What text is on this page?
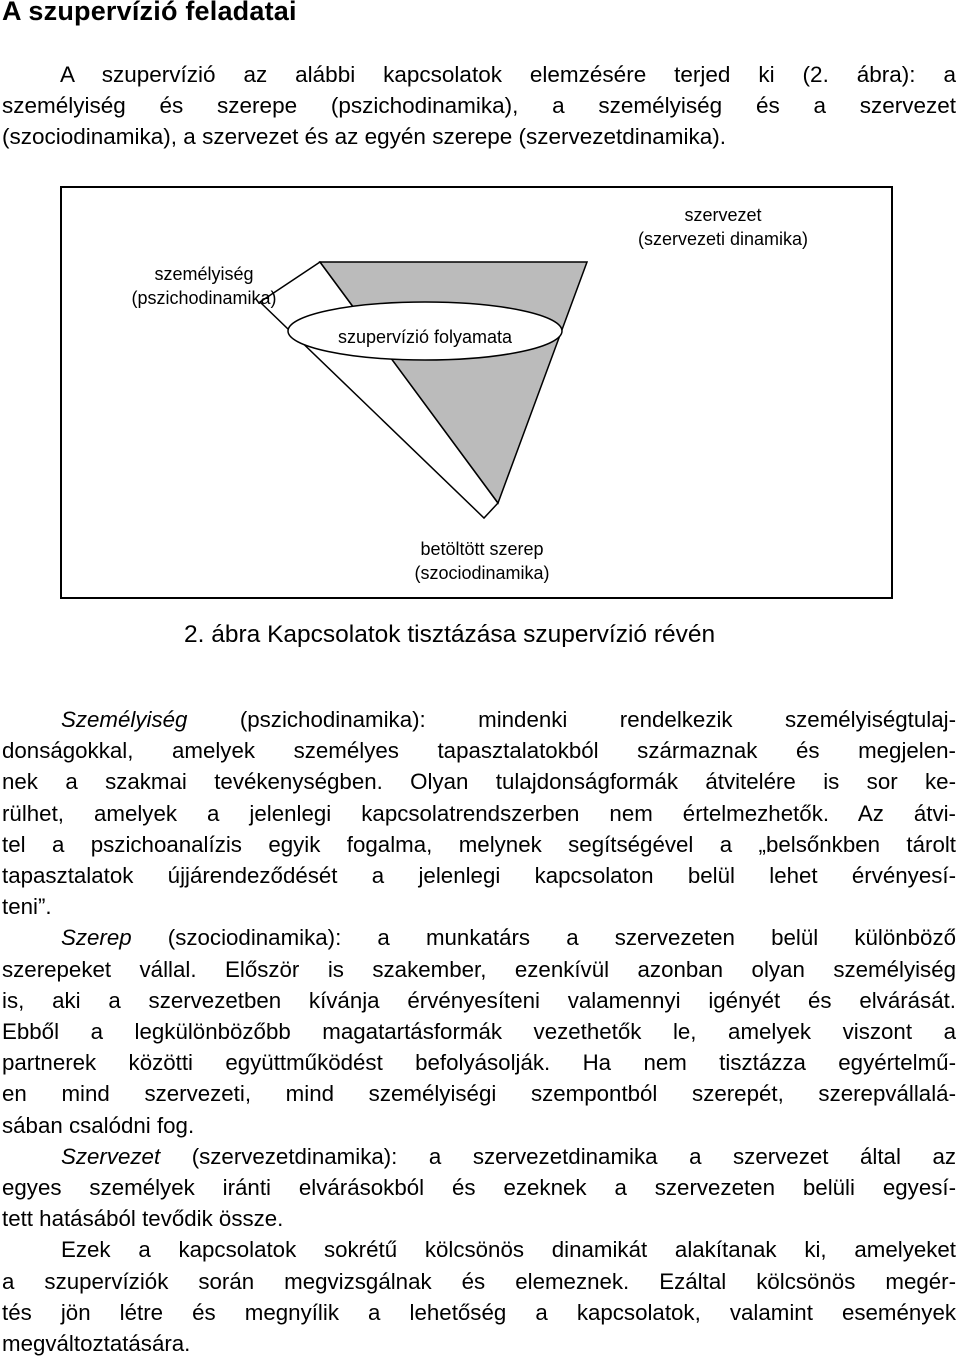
A szupervízió feladatai
A szupervízió az alábbi kapcsolatok elemzésére terjed ki (2. ábra): a
személyiség és szerepe (pszichodinamika), a személyiség és a szervezet
(szociodinamika), a szervezet és az egyén szerepe (szervezetdinamika).
szervezet
(szervezeti dinamika)
személyiség
(pszichodinamika)
szupervízió folyamata
betöltött szerep
(szociodinamika)
2. ábra Kapcsolatok tisztázása szupervízió révén
Személyiség (pszichodinamika): mindenki rendelkezik személyiségtulaj-
donságokkal, amelyek személyes tapasztalatokból származnak és megjelen-
nek a szakmai tevékenységben. Olyan tulajdonságformák átvitelére is sor ke-
rülhet, amelyek a jelenlegi kapcsolatrendszerben nem értelmezhetők. Az átvi-
tel a pszichoanalízis egyik fogalma, melynek segítségével a „belsőnkben tárolt
tapasztalatok újjárendeződését a jelenlegi kapcsolaton belül lehet érvényesí-
teni”.
Szerep (szociodinamika): a munkatárs a szervezeten belül különböző
szerepeket vállal. Először is szakember, ezenkívül azonban olyan személyiség
is, aki a szervezetben kívánja érvényesíteni valamennyi igényét és elvárását.
Ebből a legkülönbözőbb magatartásformák vezethetők le, amelyek viszont a
partnerek közötti együttműködést befolyásolják. Ha nem tisztázza egyértelmű-
en mind szervezeti, mind személyiségi szempontból szerepét, szerepvállalá-
sában csalódni fog.
Szervezet (szervezetdinamika): a szervezetdinamika a szervezet által az
egyes személyek iránti elvárásokból és ezeknek a szervezeten belüli egyesí-
tett hatásából tevődik össze.
Ezek a kapcsolatok sokrétű kölcsönös dinamikát alakítanak ki, amelyeket
a szupervíziók során megvizsgálnak és elemeznek. Ezáltal kölcsönös megér-
tés jön létre és megnyílik a lehetőség a kapcsolatok, valamint események
megváltoztatására.
